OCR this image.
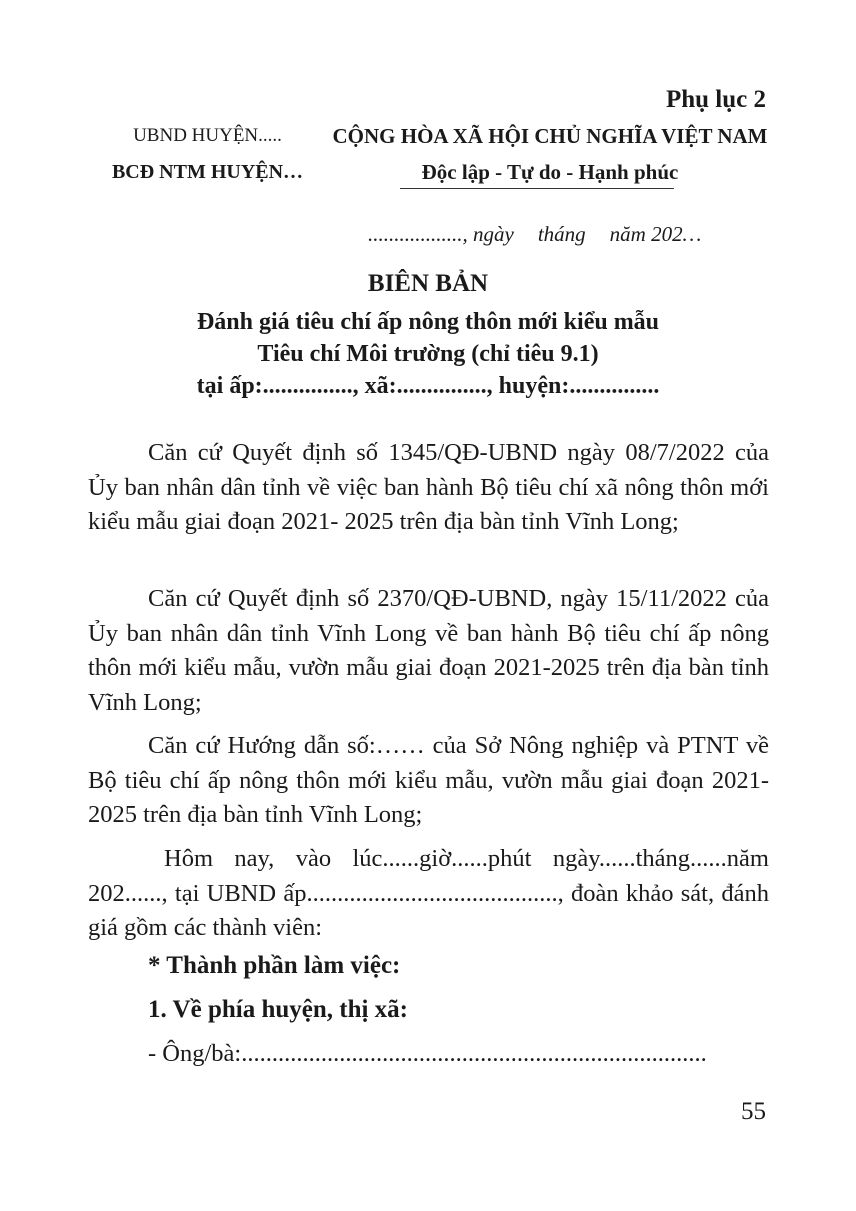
Phụ lục 2
UBND HUYỆN.....
BCĐ NTM HUYỆN…
CỘNG HÒA XÃ HỘI CHỦ NGHĨA VIỆT NAM
Độc lập - Tự do - Hạnh phúc
.................., ngày tháng năm 202…
BIÊN BẢN
Đánh giá tiêu chí ấp nông thôn mới kiểu mẫu
Tiêu chí Môi trường (chỉ tiêu 9.1)
tại ấp:..............., xã:..............., huyện:...............
Căn cứ Quyết định số 1345/QĐ-UBND ngày 08/7/2022 của Ủy ban nhân dân tỉnh về việc ban hành Bộ tiêu chí xã nông thôn mới kiểu mẫu giai đoạn 2021- 2025 trên địa bàn tỉnh Vĩnh Long;
Căn cứ Quyết định số 2370/QĐ-UBND, ngày 15/11/2022 của Ủy ban nhân dân tỉnh Vĩnh Long về ban hành Bộ tiêu chí ấp nông thôn mới kiểu mẫu, vườn mẫu giai đoạn 2021-2025 trên địa bàn tỉnh Vĩnh Long;
Căn cứ Hướng dẫn số:…… của Sở Nông nghiệp và PTNT về Bộ tiêu chí ấp nông thôn mới kiểu mẫu, vườn mẫu giai đoạn 2021-2025 trên địa bàn tỉnh Vĩnh Long;
Hôm nay, vào lúc......giờ......phút ngày......tháng......năm 202......, tại UBND ấp........................................., đoàn khảo sát, đánh giá gồm các thành viên:
* Thành phần làm việc:
1. Về phía huyện, thị xã:
- Ông/bà:............................................................................
55
